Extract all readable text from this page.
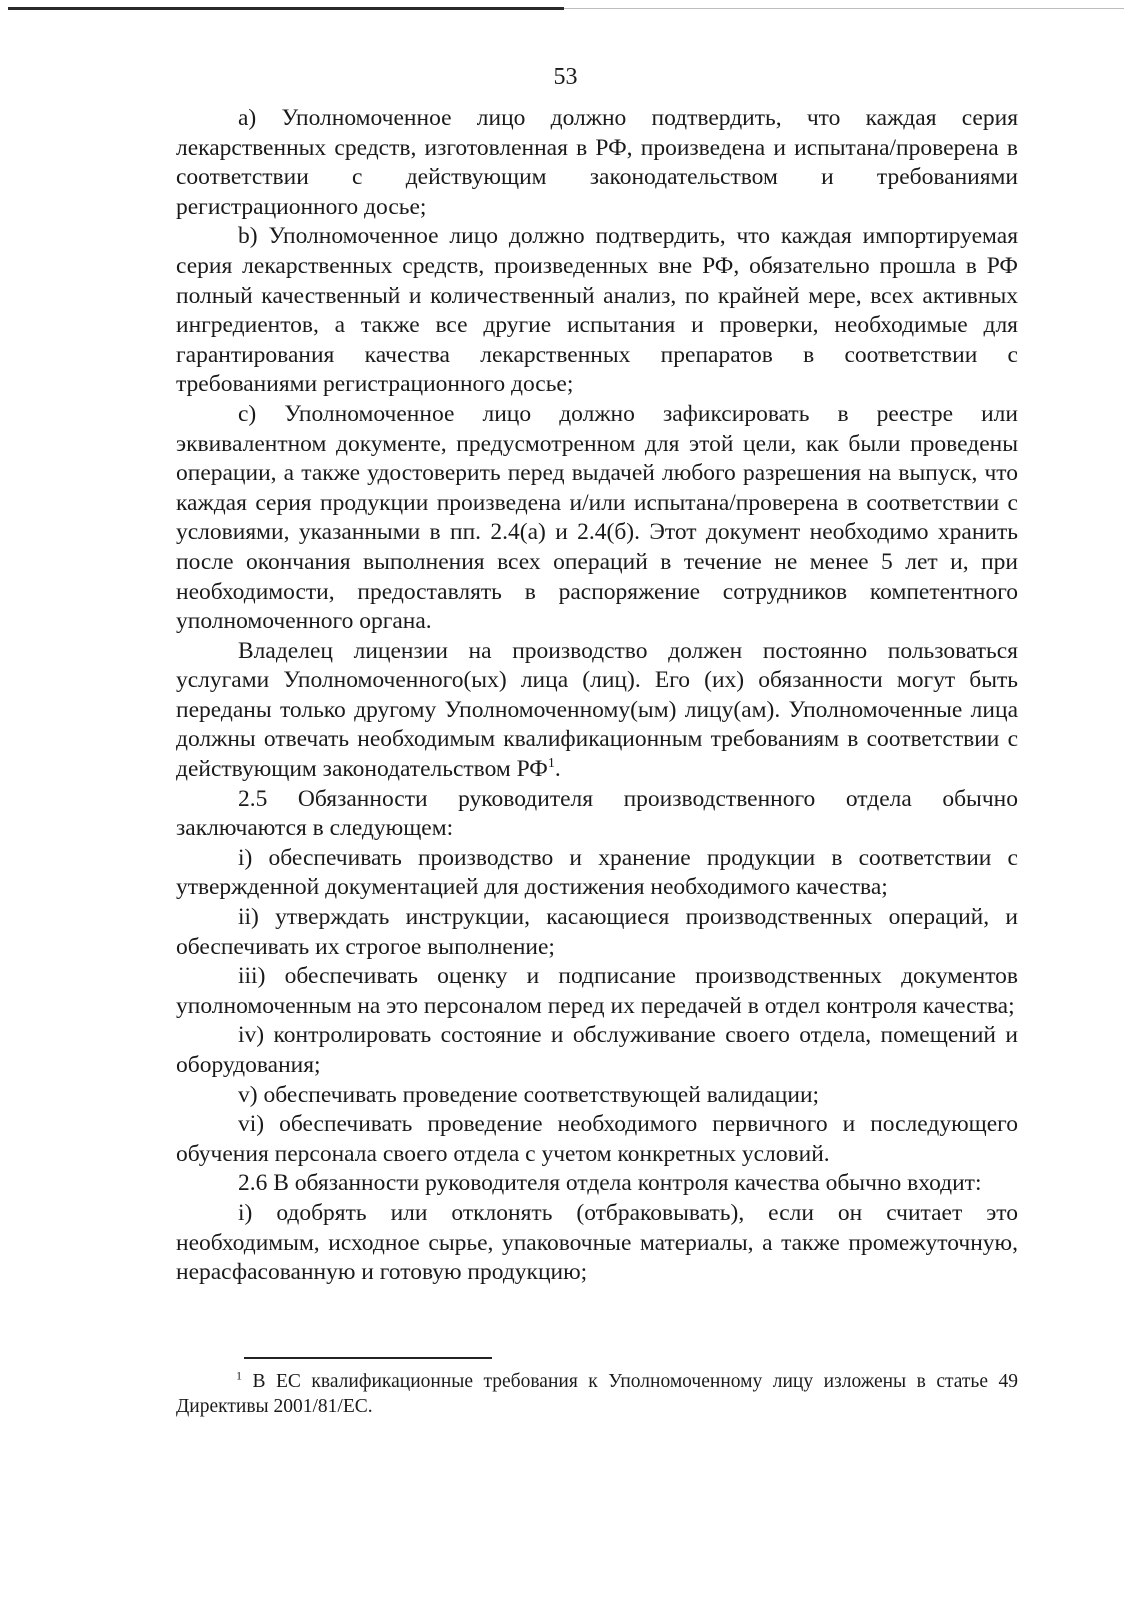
53

а) Уполномоченное лицо должно подтвердить, что каждая серия лекарственных средств, изготовленная в РФ, произведена и испытана/проверена в соответствии с действующим законодательством и требованиями регистрационного досье;

b) Уполномоченное лицо должно подтвердить, что каждая импортируемая серия лекарственных средств, произведенных вне РФ, обязательно прошла в РФ полный качественный и количественный анализ, по крайней мере, всех активных ингредиентов, а также все другие испытания и проверки, необходимые для гарантирования качества лекарственных препаратов в соответствии с требованиями регистрационного досье;

с) Уполномоченное лицо должно зафиксировать в реестре или эквивалентном документе, предусмотренном для этой цели, как были проведены операции, а также удостоверить перед выдачей любого разрешения на выпуск, что каждая серия продукции произведена и/или испытана/проверена в соответствии с условиями, указанными в пп. 2.4(а) и 2.4(б). Этот документ необходимо хранить после окончания выполнения всех операций в течение не менее 5 лет и, при необходимости, предоставлять в распоряжение сотрудников компетентного уполномоченного органа.

Владелец лицензии на производство должен постоянно пользоваться услугами Уполномоченного(ых) лица (лиц). Его (их) обязанности могут быть переданы только другому Уполномоченному(ым) лицу(ам). Уполномоченные лица должны отвечать необходимым квалификационным требованиям в соответствии с действующим законодательством $РФ^1$.

2.5 Обязанности руководителя производственного отдела обычно заключаются в следующем:

i) обеспечивать производство и хранение продукции в соответствии с утвержденной документацией для достижения необходимого качества;

ii) утверждать инструкции, касающиеся производственных операций, и обеспечивать их строгое выполнение;

iii) обеспечивать оценку и подписание производственных документов уполномоченным на это персоналом перед их передачей в отдел контроля качества;

iv) контролировать состояние и обслуживание своего отдела, помещений и оборудования;

v) обеспечивать проведение соответствующей валидации;

vi) обеспечивать проведение необходимого первичного и последующего обучения персонала своего отдела с учетом конкретных условий.

2.6 В обязанности руководителя отдела контроля качества обычно входит:

i) одобрять или отклонять (отбраковывать), если он считает это необходимым, исходное сырье, упаковочные материалы, а также промежуточную, нерасфасованную и готовую продукцию;

$^1$ В ЕС квалификационные требования к Уполномоченному лицу изложены в статье 49 Директивы 2001/81/ЕС.
